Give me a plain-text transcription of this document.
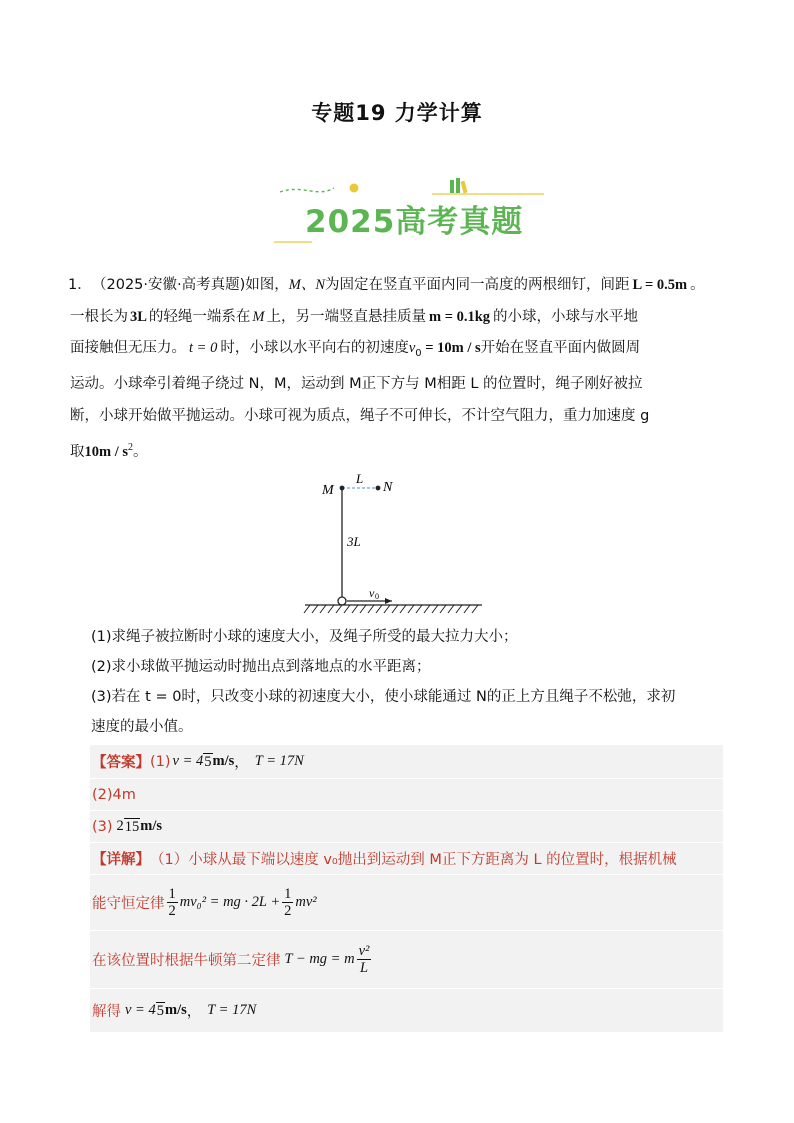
专题19 力学计算
2025高考真题
1． （2025·安徽·高考真题)如图，M、N为固定在竖直平面内同一高度的两根细钉，间距 L = 0.5m 。

一根长为 3L 的轻绳一端系在 M 上，另一端竖直悬挂质量 m = 0.1kg 的小球，小球与水平地

面接触但无压力。 t = 0 时，小球以水平向右的初速度$v_0 = 10m / s$开始在竖直平面内做圆周

运动。小球牵引着绳子绕过 N，M，运动到 M正下方与 M相距 L 的位置时，绳子刚好被拉

断，小球开始做平抛运动。小球可视为质点，绳子不可伸长，不计空气阻力，重力加速度 g

取$10m / s^2$。

M	N
L
3L
v 0
(1)求绳子被拉断时小球的速度大小，及绳子所受的最大拉力大小；
(2)求小球做平抛运动时抛出点到落地点的水平距离；
(3)若在 t = 0时，只改变小球的初速度大小，使小球能通过 N的正上方且绳子不松弛，求初
速度的最小值。
【答案】 (1) v = 4 5 m/s ， T = 17N
(2)4m
(3) 2 15 m/s
【详解】 （1）小球从最下端以速度 v₀抛出到运动到 M正下方距离为 L 的位置时，根据机械
能守恒定律 $\frac{1}{2} mv_0^2$ = mg · $2L + \frac{1}{2} mv^2$
在该位置时根据牛顿第二定律 T − mg = m $\frac{\text{v²}}{L}$
解得 v = 4 5 m/s ， T = 17N
